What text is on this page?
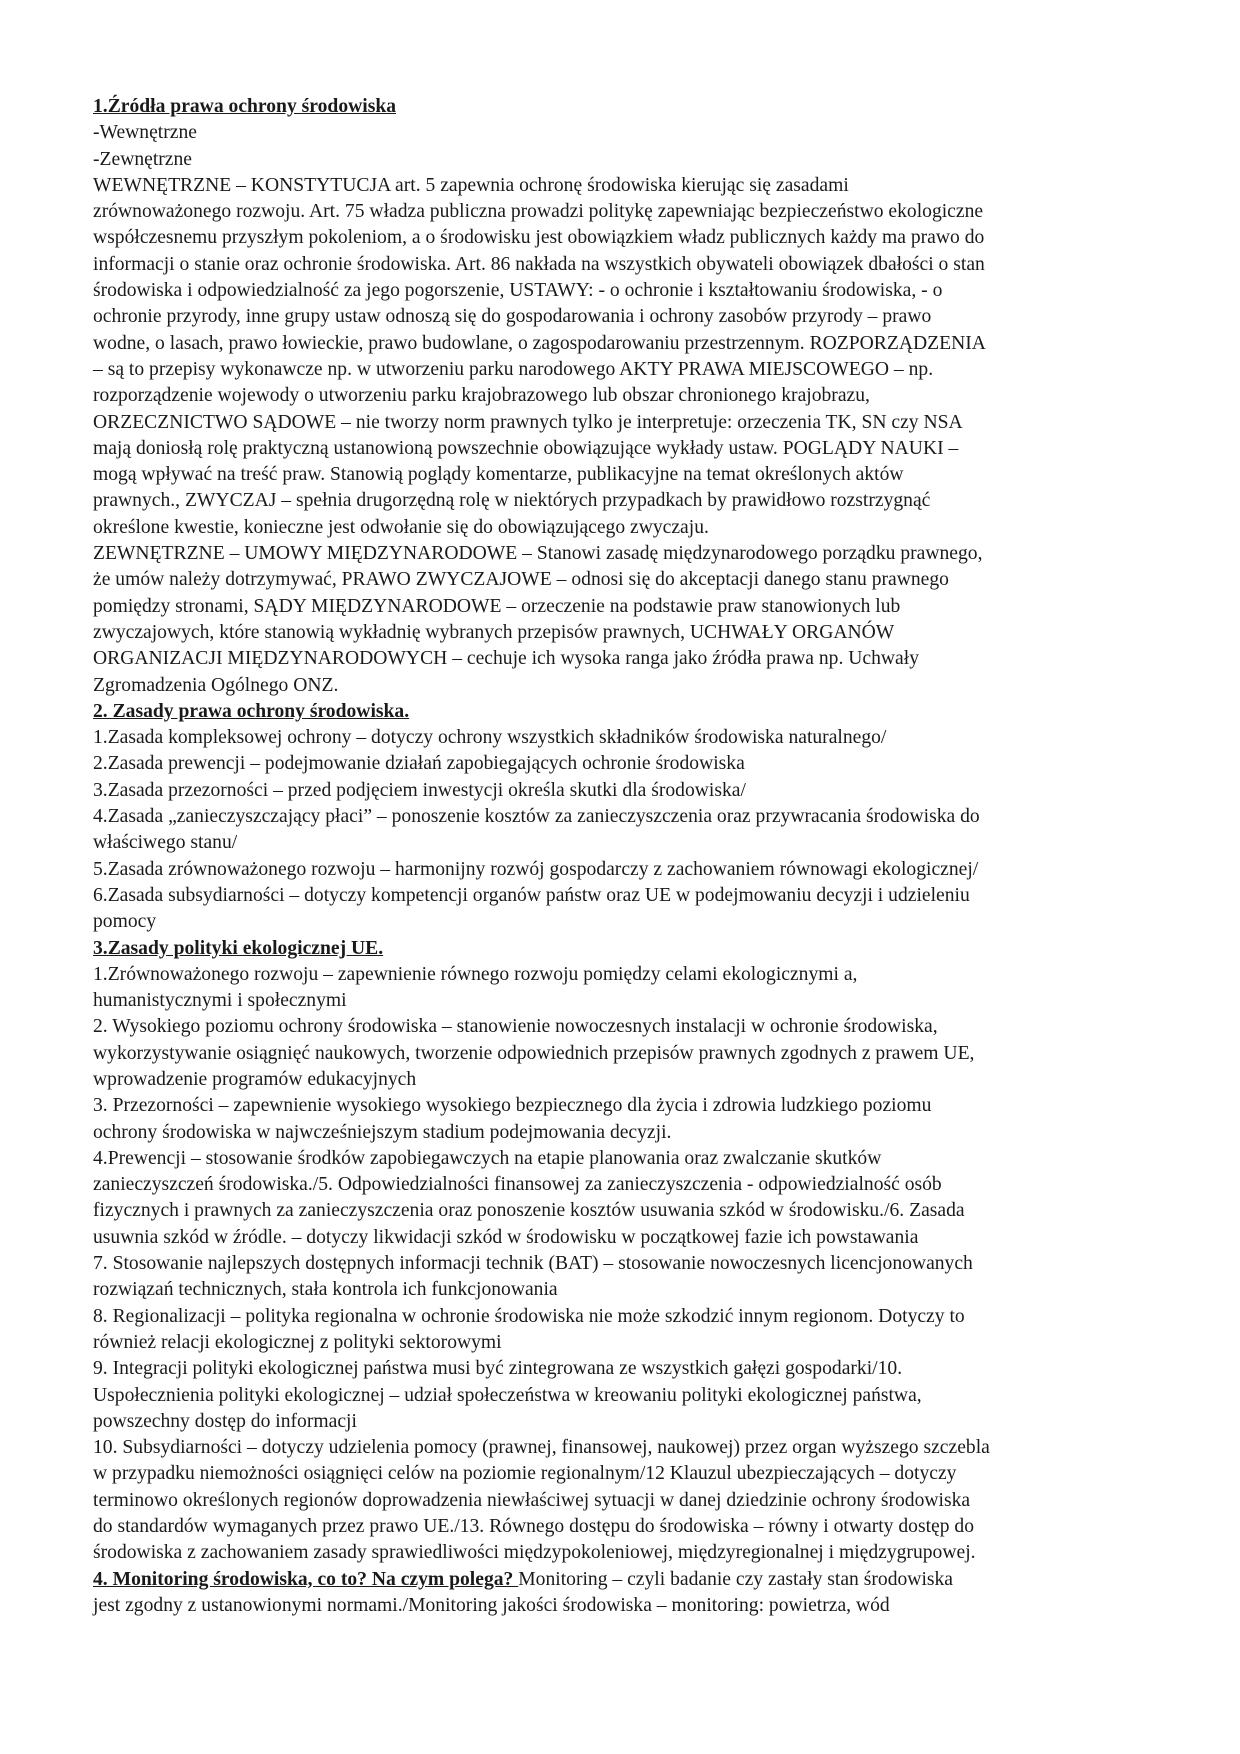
1.Źródła prawa ochrony środowiska
-Wewnętrzne
-Zewnętrzne
WEWNĘTRZNE – KONSTYTUCJA art. 5 zapewnia ochronę środowiska kierując się zasadami
zrównoważonego rozwoju. Art. 75 władza publiczna prowadzi politykę zapewniając bezpieczeństwo ekologiczne
współczesnemu przyszłym pokoleniom, a o środowisku jest obowiązkiem władz publicznych każdy ma prawo do
informacji o stanie oraz ochronie środowiska. Art. 86 nakłada na wszystkich obywateli obowiązek dbałości o stan
środowiska i odpowiedzialność za jego pogorszenie, USTAWY: - o ochronie i kształtowaniu środowiska, - o
ochronie przyrody, inne grupy ustaw odnoszą się do gospodarowania i ochrony zasobów przyrody – prawo
wodne, o lasach, prawo łowieckie, prawo budowlane, o zagospodarowaniu przestrzennym. ROZPORZĄDZENIA
– są to przepisy wykonawcze np. w utworzeniu parku narodowego AKTY PRAWA MIEJSCOWEGO – np.
rozporządzenie wojewody o utworzeniu parku krajobrazowego lub obszar chronionego krajobrazu,
ORZECZNICTWO SĄDOWE – nie tworzy norm prawnych tylko je interpretuje: orzeczenia TK, SN czy NSA
mają doniosłą rolę praktyczną ustanowioną powszechnie obowiązujące wykłady ustaw. POGLĄDY NAUKI –
mogą wpływać na treść praw. Stanowią poglądy komentarze, publikacyjne na temat określonych aktów
prawnych., ZWYCZAJ – spełnia drugorzędną rolę w niektórych przypadkach by prawidłowo rozstrzygnąć
określone kwestie, konieczne jest odwołanie się do obowiązującego zwyczaju.
ZEWNĘTRZNE – UMOWY MIĘDZYNARODOWE – Stanowi zasadę międzynarodowego porządku prawnego,
że umów należy dotrzymywać, PRAWO ZWYCZAJOWE – odnosi się do akceptacji danego stanu prawnego
pomiędzy stronami, SĄDY MIĘDZYNARODOWE – orzeczenie na podstawie praw stanowionych lub
zwyczajowych, które stanowią wykładnię wybranych przepisów prawnych, UCHWAŁY ORGANÓW
ORGANIZACJI MIĘDZYNARODOWYCH – cechuje ich wysoka ranga jako źródła prawa np. Uchwały
Zgromadzenia Ogólnego ONZ.
2. Zasady prawa ochrony środowiska.
1.Zasada kompleksowej ochrony – dotyczy ochrony wszystkich składników środowiska naturalnego/
2.Zasada prewencji – podejmowanie działań zapobiegających ochronie środowiska
3.Zasada przezorności – przed podjęciem inwestycji określa skutki dla środowiska/
4.Zasada „zanieczyszczający płaci” – ponoszenie kosztów za zanieczyszczenia oraz przywracania środowiska do
właściwego stanu/
5.Zasada zrównoważonego rozwoju – harmonijny rozwój gospodarczy z zachowaniem równowagi ekologicznej/
6.Zasada subsydiarności – dotyczy kompetencji organów państw oraz UE w podejmowaniu decyzji i udzieleniu
pomocy
3.Zasady polityki ekologicznej UE.
1.Zrównoważonego rozwoju – zapewnienie równego rozwoju pomiędzy celami ekologicznymi a,
humanistycznymi i społecznymi
2. Wysokiego poziomu ochrony środowiska – stanowienie nowoczesnych instalacji w ochronie środowiska,
wykorzystywanie osiągnięć naukowych, tworzenie odpowiednich przepisów prawnych zgodnych z prawem UE,
wprowadzenie programów edukacyjnych
3. Przezorności – zapewnienie wysokiego wysokiego bezpiecznego dla życia i zdrowia ludzkiego poziomu
ochrony środowiska w najwcześniejszym stadium podejmowania decyzji.
4.Prewencji – stosowanie środków zapobiegawczych na etapie planowania oraz zwalczanie skutków
zanieczyszczeń środowiska./5. Odpowiedzialności finansowej za zanieczyszczenia - odpowiedzialność osób
fizycznych i prawnych za zanieczyszczenia oraz ponoszenie kosztów usuwania szkód w środowisku./6. Zasada
usuwnia szkód w źródle. – dotyczy likwidacji szkód w środowisku w początkowej fazie ich powstawania
7. Stosowanie najlepszych dostępnych informacji technik (BAT) – stosowanie nowoczesnych licencjonowanych
rozwiązań technicznych, stała kontrola ich funkcjonowania
8. Regionalizacji – polityka regionalna w ochronie środowiska nie może szkodzić innym regionom. Dotyczy to
również relacji ekologicznej z polityki sektorowymi
9. Integracji polityki ekologicznej państwa musi być zintegrowana ze wszystkich gałęzi gospodarki/10.
Uspołecznienia polityki ekologicznej – udział społeczeństwa w kreowaniu polityki ekologicznej państwa,
powszechny dostęp do informacji
10. Subsydiarności – dotyczy udzielenia pomocy (prawnej, finansowej, naukowej) przez organ wyższego szczebla
w przypadku niemożności osiągnięci celów na poziomie regionalnym/12 Klauzul ubezpieczających – dotyczy
terminowo określonych regionów doprowadzenia niewłaściwej sytuacji w danej dziedzinie ochrony środowiska
do standardów wymaganych przez prawo UE./13. Równego dostępu do środowiska – równy i otwarty dostęp do
środowiska z zachowaniem zasady sprawiedliwości międzypokoleniowej, międzyregionalnej i międzygrupowej.
4. Monitoring środowiska, co to? Na czym polega? Monitoring – czyli badanie czy zastały stan środowiska
jest zgodny z ustanowionymi normami./Monitoring jakości środowiska – monitoring: powietrza, wód
